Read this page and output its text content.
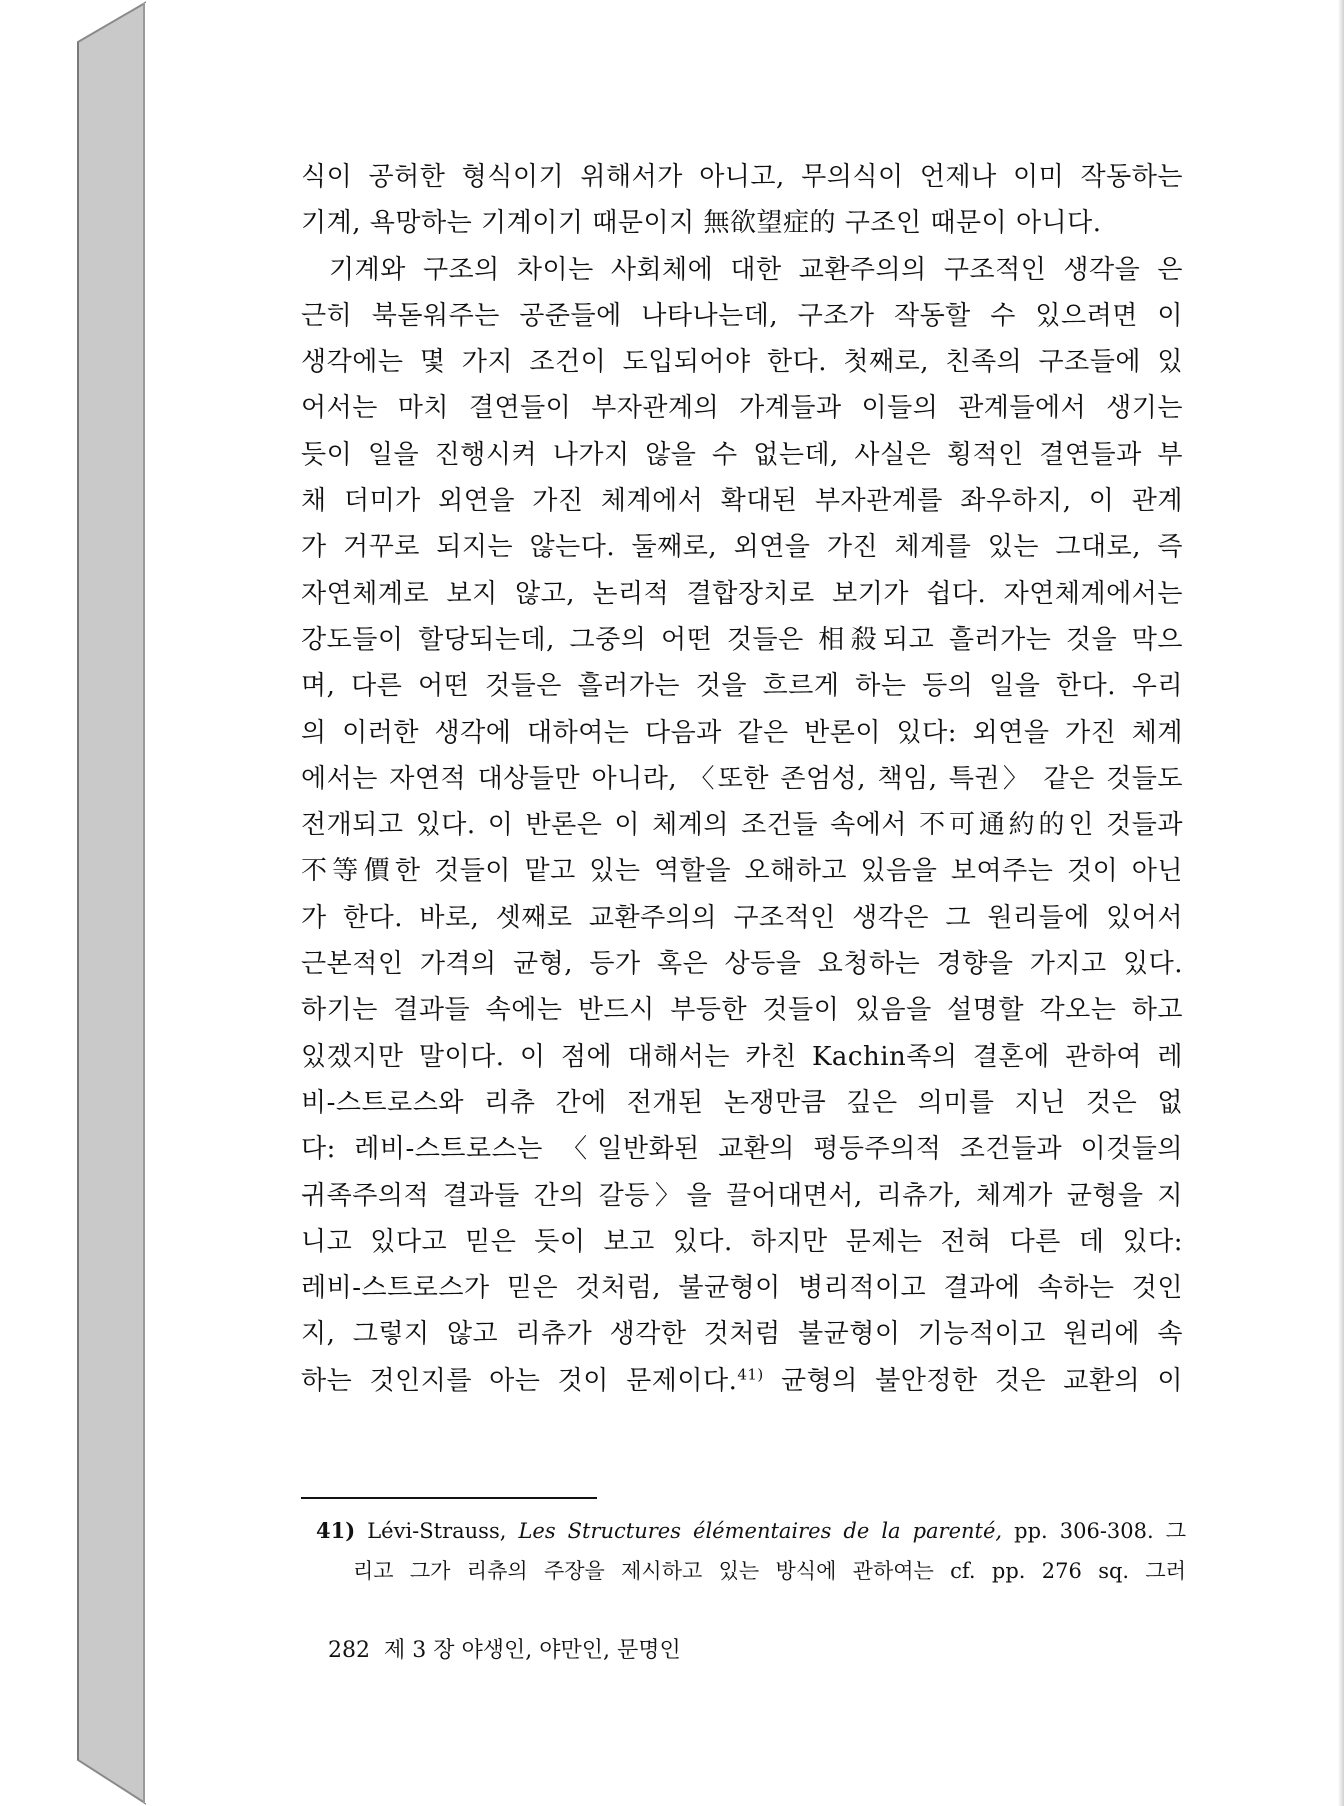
식이 공허한 형식이기 위해서가 아니고, 무의식이 언제나 이미 작동하는
기계, 욕망하는 기계이기 때문이지 無欲望症的 구조인 때문이 아니다.
기계와 구조의 차이는 사회체에 대한 교환주의의 구조적인 생각을 은
근히 북돋워주는 공준들에 나타나는데, 구조가 작동할 수 있으려면 이
생각에는 몇 가지 조건이 도입되어야 한다. 첫째로, 친족의 구조들에 있
어서는 마치 결연들이 부자관계의 가계들과 이들의 관계들에서 생기는
듯이 일을 진행시켜 나가지 않을 수 없는데, 사실은 횡적인 결연들과 부
채 더미가 외연을 가진 체계에서 확대된 부자관계를 좌우하지, 이 관계
가 거꾸로 되지는 않는다. 둘째로, 외연을 가진 체계를 있는 그대로, 즉
자연체계로 보지 않고, 논리적 결합장치로 보기가 쉽다. 자연체계에서는
강도들이 할당되는데, 그중의 어떤 것들은 相殺되고 흘러가는 것을 막으
며, 다른 어떤 것들은 흘러가는 것을 흐르게 하는 등의 일을 한다. 우리
의 이러한 생각에 대하여는 다음과 같은 반론이 있다: 외연을 가진 체계
에서는 자연적 대상들만 아니라, 〈또한 존엄성, 책임, 특권〉 같은 것들도
전개되고 있다. 이 반론은 이 체계의 조건들 속에서 不可通約的인 것들과
不等價한 것들이 맡고 있는 역할을 오해하고 있음을 보여주는 것이 아닌
가 한다. 바로, 셋째로 교환주의의 구조적인 생각은 그 원리들에 있어서
근본적인 가격의 균형, 등가 혹은 상등을 요청하는 경향을 가지고 있다.
하기는 결과들 속에는 반드시 부등한 것들이 있음을 설명할 각오는 하고
있겠지만 말이다. 이 점에 대해서는 카친 Kachin족의 결혼에 관하여 레
비-스트로스와 리츄 간에 전개된 논쟁만큼 깊은 의미를 지닌 것은 없
다: 레비-스트로스는 〈일반화된 교환의 평등주의적 조건들과 이것들의
귀족주의적 결과들 간의 갈등〉을 끌어대면서, 리츄가, 체계가 균형을 지
니고 있다고 믿은 듯이 보고 있다. 하지만 문제는 전혀 다른 데 있다:
레비-스트로스가 믿은 것처럼, 불균형이 병리적이고 결과에 속하는 것인
지, 그렇지 않고 리츄가 생각한 것처럼 불균형이 기능적이고 원리에 속
하는 것인지를 아는 것이 문제이다.$^{41)}$ 균형의 불안정한 것은 교환의 이
41) Lévi-Strauss, Les Structures élémentaires de la parenté, pp. 306-308. 그
리고 그가 리츄의 주장을 제시하고 있는 방식에 관하여는 cf. pp. 276 sq. 그러
282 제 3 장 야생인, 야만인, 문명인
